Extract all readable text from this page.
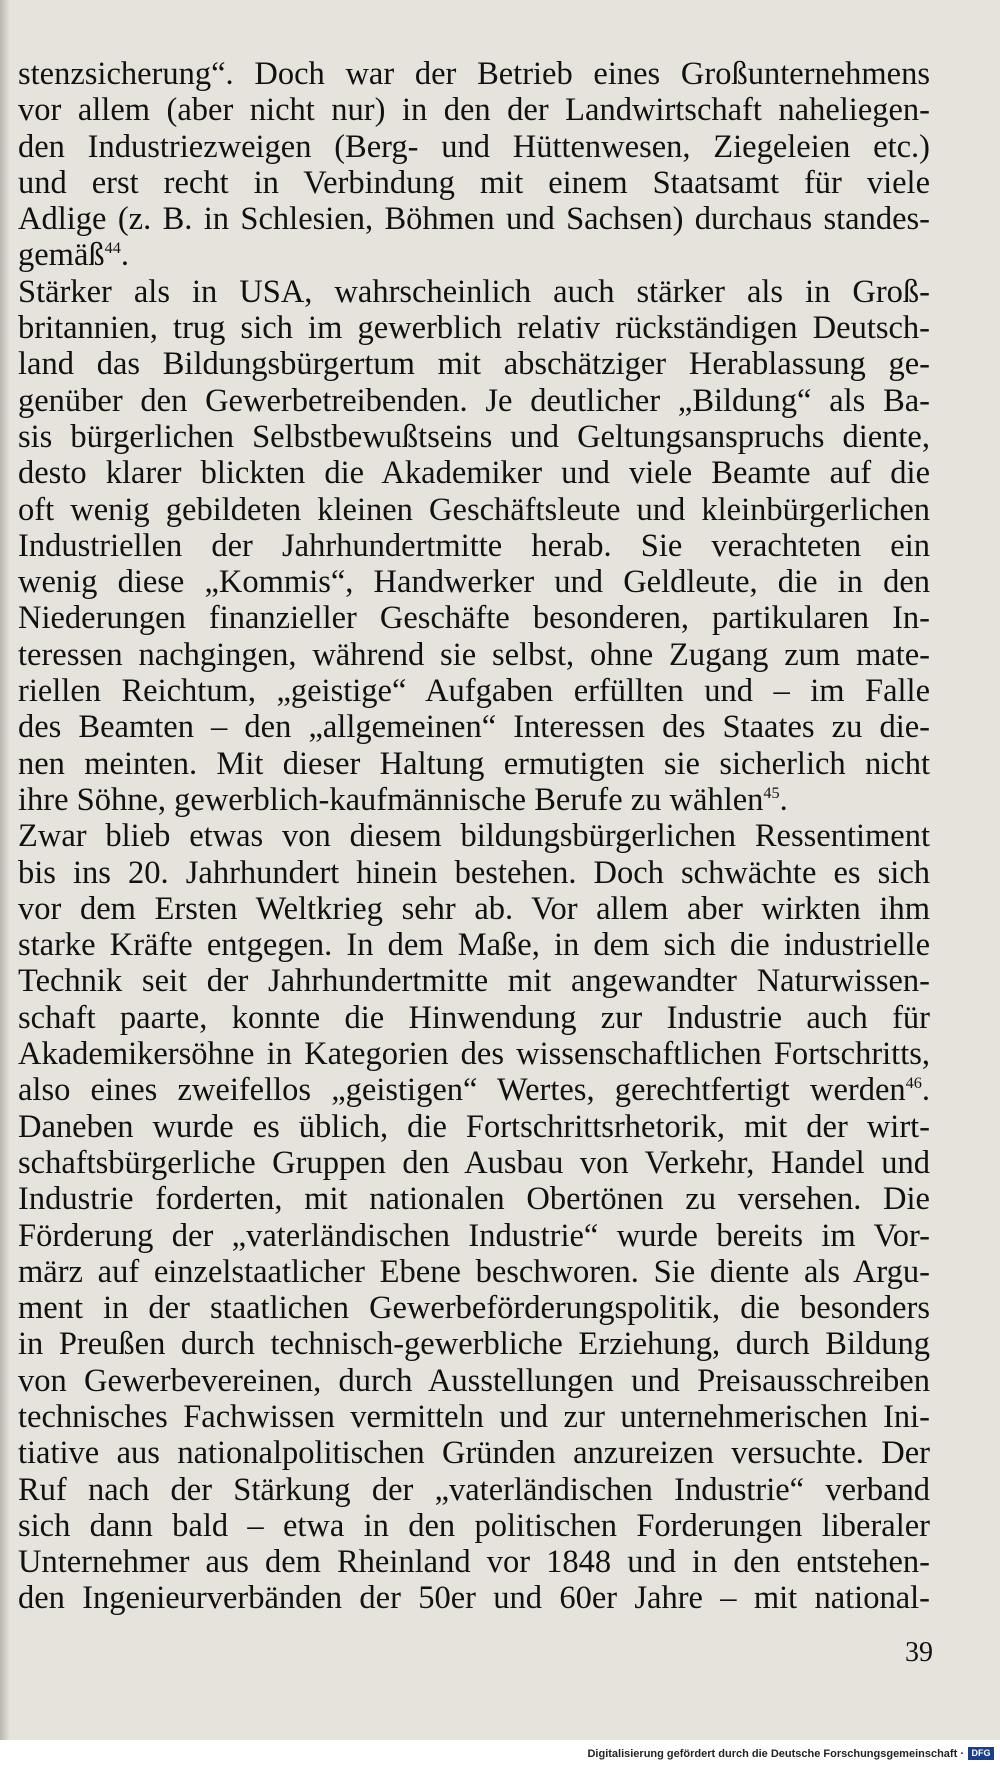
stenzsicherung“. Doch war der Betrieb eines Großunternehmens
vor allem (aber nicht nur) in den der Landwirtschaft naheliegen-
den Industriezweigen (Berg- und Hüttenwesen, Ziegeleien etc.)
und erst recht in Verbindung mit einem Staatsamt für viele
Adlige (z. B. in Schlesien, Böhmen und Sachsen) durchaus standes-
gemäß$^{44}$.

Stärker als in USA, wahrscheinlich auch stärker als in Groß-
britannien, trug sich im gewerblich relativ rückständigen Deutsch-
land das Bildungsbürgertum mit abschätziger Herablassung ge-
genüber den Gewerbetreibenden. Je deutlicher „Bildung“ als Ba-
sis bürgerlichen Selbstbewußtseins und Geltungsanspruchs diente,
desto klarer blickten die Akademiker und viele Beamte auf die
oft wenig gebildeten kleinen Geschäftsleute und kleinbürgerlichen
Industriellen der Jahrhundertmitte herab. Sie verachteten ein
wenig diese „Kommis“, Handwerker und Geldleute, die in den
Niederungen finanzieller Geschäfte besonderen, partikularen In-
teressen nachgingen, während sie selbst, ohne Zugang zum mate-
riellen Reichtum, „geistige“ Aufgaben erfüllten und – im Falle
des Beamten – den „allgemeinen“ Interessen des Staates zu die-
nen meinten. Mit dieser Haltung ermutigten sie sicherlich nicht
ihre Söhne, gewerblich-kaufmännische Berufe zu wählen$^{45}$.

Zwar blieb etwas von diesem bildungsbürgerlichen Ressentiment
bis ins 20. Jahrhundert hinein bestehen. Doch schwächte es sich
vor dem Ersten Weltkrieg sehr ab. Vor allem aber wirkten ihm
starke Kräfte entgegen. In dem Maße, in dem sich die industrielle
Technik seit der Jahrhundertmitte mit angewandter Naturwissen-
schaft paarte, konnte die Hinwendung zur Industrie auch für
Akademikersöhne in Kategorien des wissenschaftlichen Fortschritts,
also eines zweifellos „geistigen“ Wertes, gerechtfertigt werden$^{46}$.

Daneben wurde es üblich, die Fortschrittsrhetorik, mit der wirt-
schaftsbürgerliche Gruppen den Ausbau von Verkehr, Handel und
Industrie forderten, mit nationalen Obertönen zu versehen. Die
Förderung der „vaterländischen Industrie“ wurde bereits im Vor-
märz auf einzelstaatlicher Ebene beschworen. Sie diente als Argu-
ment in der staatlichen Gewerbeförderungspolitik, die besonders
in Preußen durch technisch-gewerbliche Erziehung, durch Bildung
von Gewerbevereinen, durch Ausstellungen und Preisausschreiben
technisches Fachwissen vermitteln und zur unternehmerischen Ini-
tiative aus nationalpolitischen Gründen anzureizen versuchte. Der
Ruf nach der Stärkung der „vaterländischen Industrie“ verband
sich dann bald – etwa in den politischen Forderungen liberaler
Unternehmer aus dem Rheinland vor 1848 und in den entstehen-
den Ingenieurverbänden der 50er und 60er Jahre – mit national-

39
Digitalisierung gefördert durch die Deutsche Forschungsgemeinschaft · DFG
